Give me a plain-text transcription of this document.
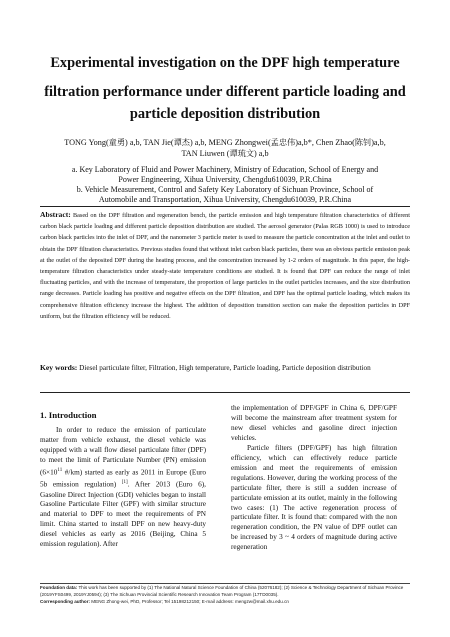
Experimental investigation on the DPF high temperature
filtration performance under different particle loading and
particle deposition distribution
TONG Yong(童勇) a,b, TAN Jie(谭杰) a,b, MENG Zhongwei(孟忠伟)a,b*, Chen Zhao(陈钊)a,b,
TAN Liuwen (谭琉文) a,b
a. Key Laboratory of Fluid and Power Machinery, Ministry of Education, School of Energy and
Power Engineering, Xihua University, Chengdu610039, P.R.China
b. Vehicle Measurement, Control and Safety Key Laboratory of Sichuan Province, School of
Automobile and Transportation, Xihua University, Chengdu610039, P.R.China
Abstract: Based on the DPF filtration and regeneration bench, the particle emission and high temperature filtration characteristics of different carbon black particle loading and different particle deposition distribution are studied. The aerosol generator (Palas RGB 1000) is used to introduce carbon black particles into the inlet of DPF, and the nanometer 3 particle meter is used to measure the particle concentration at the inlet and outlet to obtain the DPF filtration characteristics. Previous studies found that without inlet carbon black particles, there was an obvious particle emission peak at the outlet of the deposited DPF during the heating process, and the concentration increased by 1-2 orders of magnitude. In this paper, the high-temperature filtration characteristics under steady-state temperature conditions are studied. It is found that DPF can reduce the range of inlet fluctuating particles, and with the increase of temperature, the proportion of large particles in the outlet particles increases, and the size distribution range decreases. Particle loading has positive and negative effects on the DPF filtration, and DPF has the optimal particle loading, which makes its comprehensive filtration efficiency increase the highest. The addition of deposition transition section can make the deposition particles in DPF uniform, but the filtration efficiency will be reduced.
Key words: Diesel particulate filter, Filtration, High temperature, Particle loading, Particle deposition distribution
1. Introduction

In order to reduce the emission of particulate matter from vehicle exhaust, the diesel vehicle was equipped with a wall flow diesel particulate filter (DPF) to meet the limit of Particulate Number (PN) emission ($6\times 10^{11}$ #/km) started as early as 2011 in Europe (Euro 5b emission regulation) [1]. After 2013 (Euro 6), Gasoline Direct Injection (GDI) vehicles began to install Gasoline Particulate Filter (GPF) with similar structure and material to DPF to meet the requirements of PN limit. China started to install DPF on new heavy-duty diesel vehicles as early as 2016 (Beijing, China 5 emission regulation). After

the implementation of DPF/GPF in China 6, DPF/GPF will become the mainstream after treatment system for new diesel vehicles and gasoline direct injection vehicles.

Particle filters (DPF/GPF) has high filtration efficiency, which can effectively reduce particle emission and meet the requirements of emission regulations. However, during the working process of the particulate filter, there is still a sudden increase of particulate emission at its outlet, mainly in the following two cases: (1) The active regeneration process of particulate filter. It is found that: compared with the non regeneration condition, the PN value of DPF outlet can be increased by 3 ~ 4 orders of magnitude during active regeneration

Foundation data: This work has been supported by (1) The National Natural Science Foundation of China (52076182); (2) Science & Technology Department of Sichuan Province (2019YFS0499, 2019YJ0594); (3) The Sichuan Provincial Scientific Research Innovation Team Program (17TD0035).
Corresponding author: MENG Zhong-wei, PhD, Professor; Tel 15198212150; E-mail address: mengzw@mail.xhu.edu.cn
